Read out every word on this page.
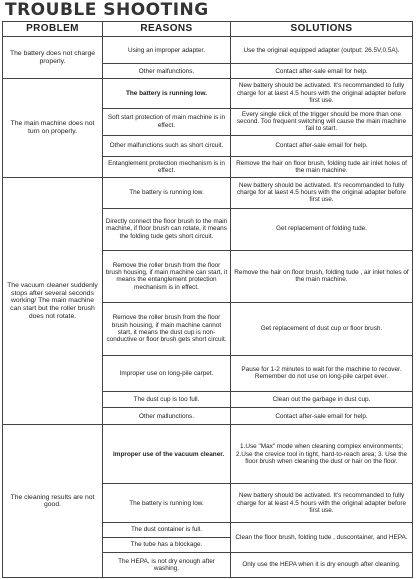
TROUBLE SHOOTING
PROBLEM	REASONS	SOLUTIONS
The battery does not charge properly.	Using an improper adapter.	Use the original equipped adapter (output: 26.5V,0.5A).
	Other malfunctions.	Contact after-sale email for help.
The main machine does not turn on properly.	The battery is running low.	New battery should be activated. It's recommanded to fully charge for at laest 4.5 hours with the original adapter before first use.
	Soft start protection of main machine is in effect.	Every single click of the trigger should be more than one second. Too frequent switching will cause the main machine fail to start.
	Other malfunctions such as short circuit.	Contact after-sale email for help.
	Entanglement protection mechanism is in effect.	Remove the hair on floor brush, folding tude air inlet holes of the main machine.
The vacuum cleaner suddenly stops after several seconds working/ The main machine can start but the roller brush does not rotate.	The battery is running low.	New battery should be activated. It's recommanded to fully charge for at laest 4.5 hours with the original adapter before first use.
	Directly connect the floor brush to the main machine, if floor brush can rotate, it means the folding tude gets short circuit.	Get replacement of folding tude.
	Remove the roller brush from the floor brush housing, if main machine can start, it means the entanglement protection mechanism is in effect.	Remove the hair on floor brush, folding tude , air inlet holes of the main machine.
	Remove the roller brush from the floor brush housing, if main machine cannot start, it means the dust cup is non-conductive or floor brush gets short circuit.	Get replacement of dust cup or floor brush.
	Improper use on long-pile carpet.	Pause for 1-2 minutes to wait for the machine to recover. Remember do not use on long-pile carpet ever.
	The dust cup is too full.	Clean out the garbage in dust cup.
	Other mallunctions.	Contact after-sale email for help.
The cleaning results are not good.	Improper use of the vacuum cleaner.	1.Use "Max" mode when cleaning complex environments; 2.Use the crevice tool in tight, hard-to-reach area; 3. Use the floor brush when cleaning the dust or hair on the floor.
	The battery is running low.	New battery should be activated. It's recommanded to fully charge for at least 4.5 hours with the original adapter before first use.
	The dust container is full.	Clean the floor brush, folding tude , duscontainer, and HEPA.
	The tube has a blockage.	
	The HEPA, is not dry enough after washing.	Only use the HEPA when it is dry enough after cleaning.
